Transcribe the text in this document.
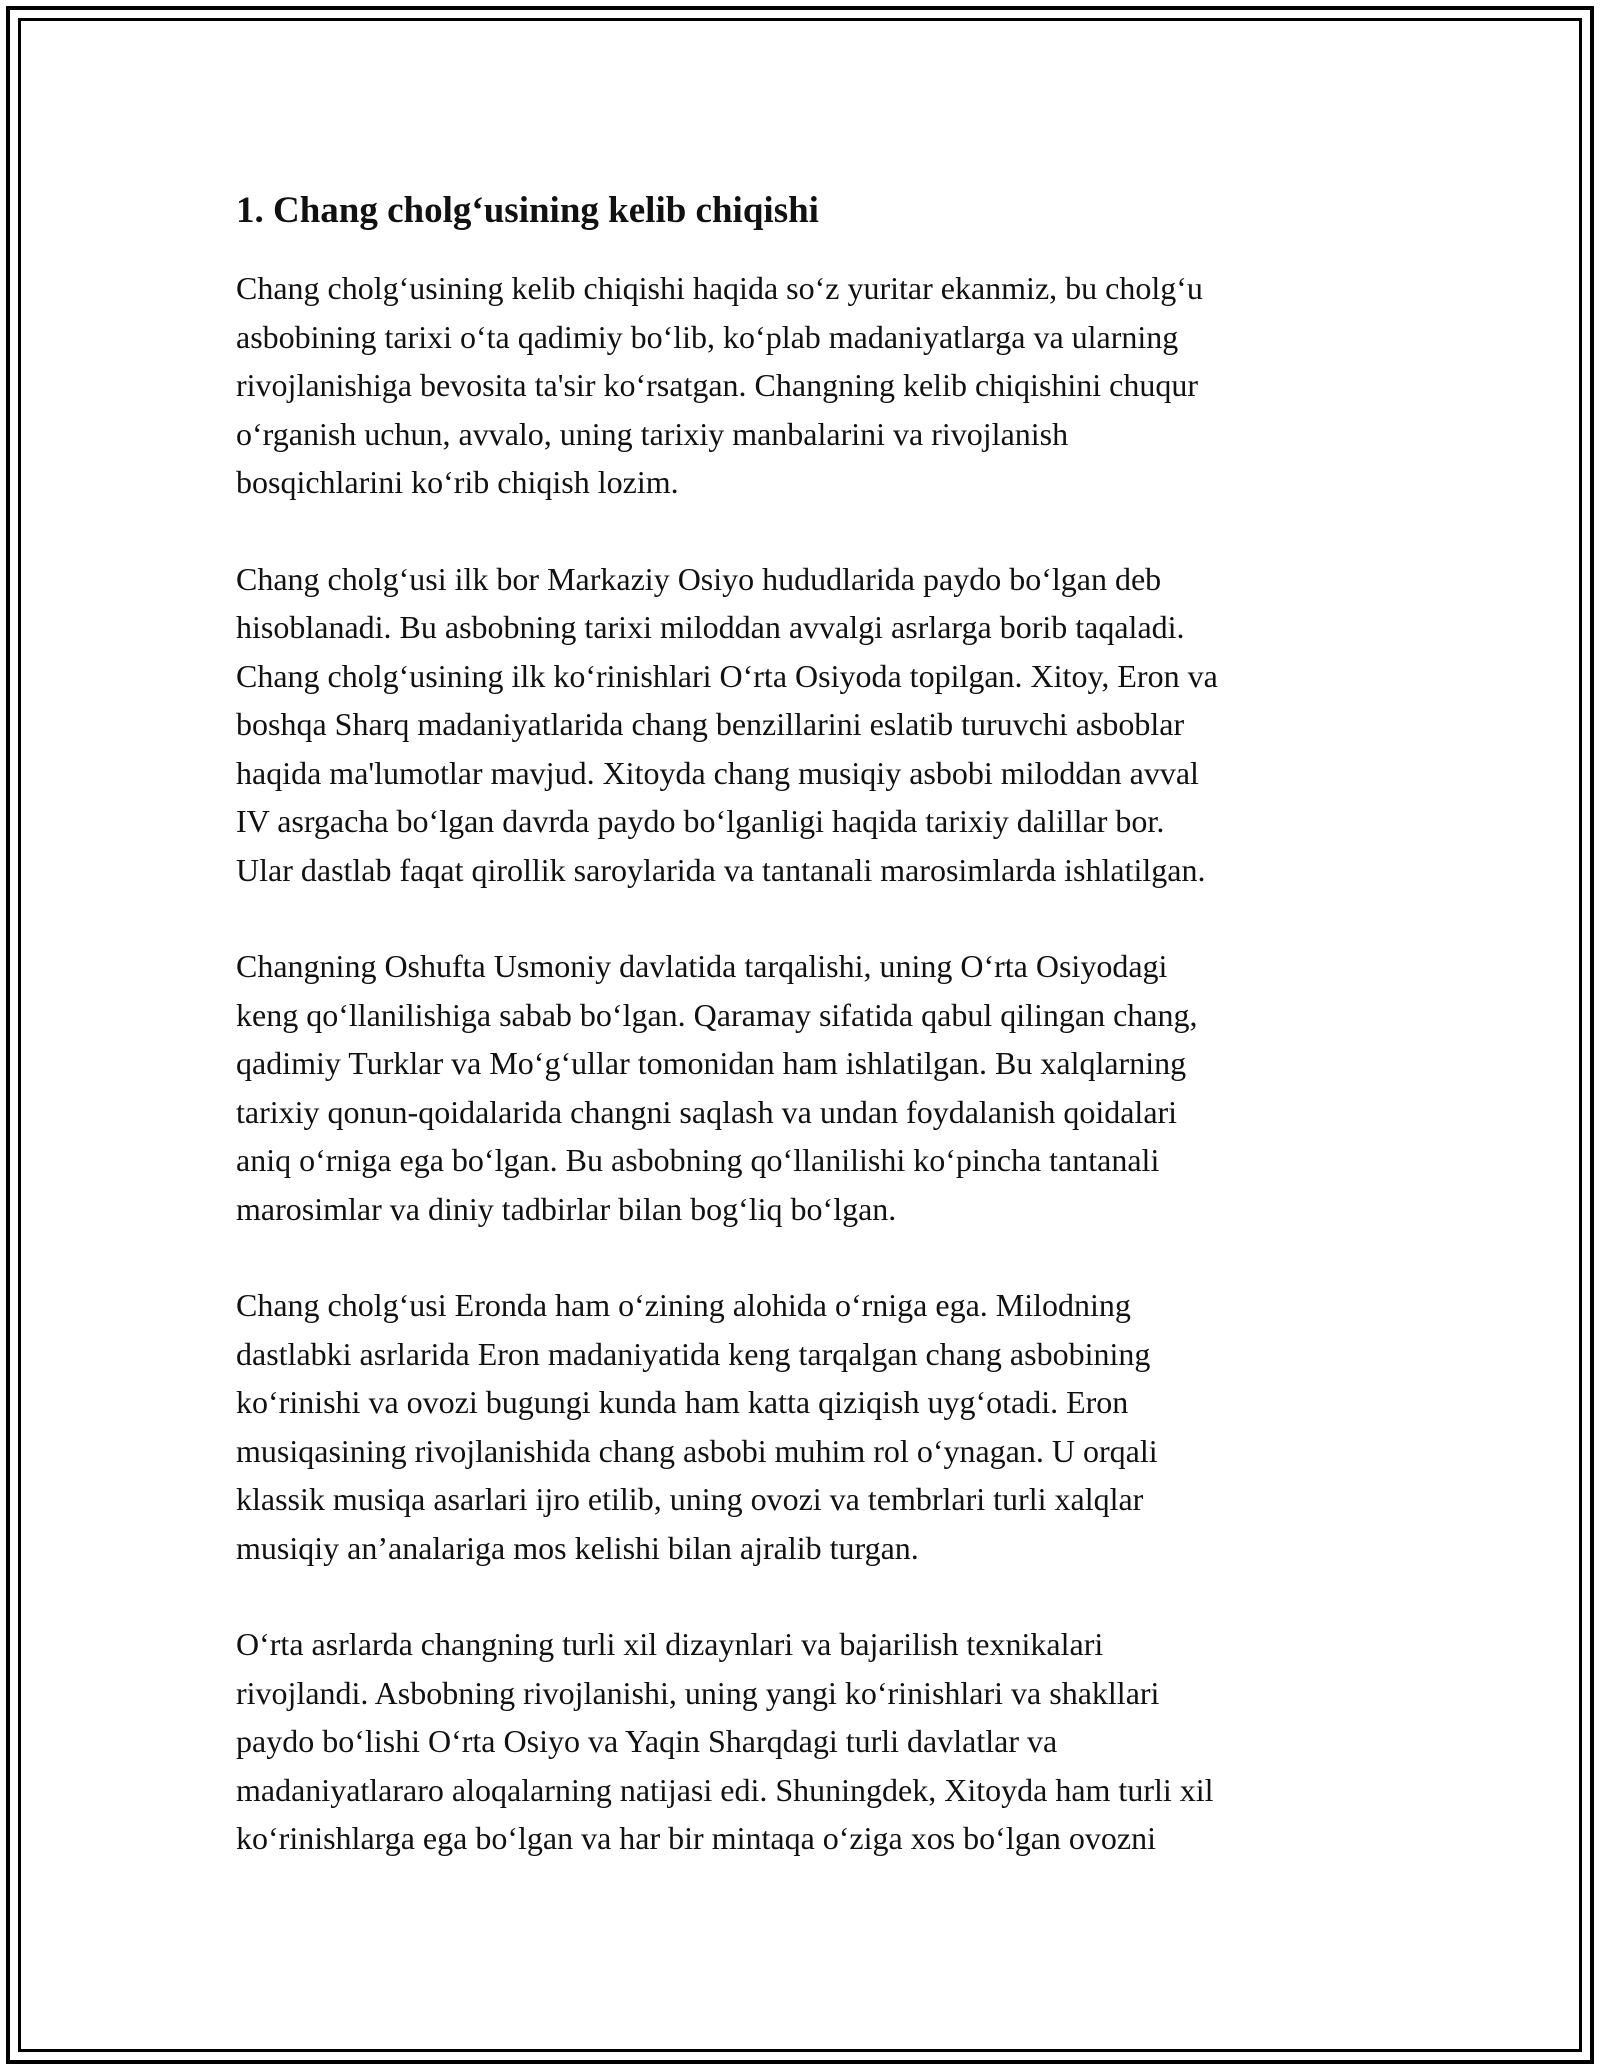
1. Chang cholg‘usining kelib chiqishi

Chang cholg‘usining kelib chiqishi haqida so‘z yuritar ekanmiz, bu cholg‘u
asbobining tarixi o‘ta qadimiy bo‘lib, ko‘plab madaniyatlarga va ularning
rivojlanishiga bevosita ta'sir ko‘rsatgan. Changning kelib chiqishini chuqur
o‘rganish uchun, avvalo, uning tarixiy manbalarini va rivojlanish
bosqichlarini ko‘rib chiqish lozim.

Chang cholg‘usi ilk bor Markaziy Osiyo hududlarida paydo bo‘lgan deb
hisoblanadi. Bu asbobning tarixi miloddan avvalgi asrlarga borib taqaladi.
Chang cholg‘usining ilk ko‘rinishlari O‘rta Osiyoda topilgan. Xitoy, Eron va
boshqa Sharq madaniyatlarida chang benzillarini eslatib turuvchi asboblar
haqida ma'lumotlar mavjud. Xitoyda chang musiqiy asbobi miloddan avval
IV asrgacha bo‘lgan davrda paydo bo‘lganligi haqida tarixiy dalillar bor.
Ular dastlab faqat qirollik saroylarida va tantanali marosimlarda ishlatilgan.

Changning Oshufta Usmoniy davlatida tarqalishi, uning O‘rta Osiyodagi
keng qo‘llanilishiga sabab bo‘lgan. Qaramay sifatida qabul qilingan chang,
qadimiy Turklar va Mo‘g‘ullar tomonidan ham ishlatilgan. Bu xalqlarning
tarixiy qonun-qoidalarida changni saqlash va undan foydalanish qoidalari
aniq o‘rniga ega bo‘lgan. Bu asbobning qo‘llanilishi ko‘pincha tantanali
marosimlar va diniy tadbirlar bilan bog‘liq bo‘lgan.

Chang cholg‘usi Eronda ham o‘zining alohida o‘rniga ega. Milodning
dastlabki asrlarida Eron madaniyatida keng tarqalgan chang asbobining
ko‘rinishi va ovozi bugungi kunda ham katta qiziqish uyg‘otadi. Eron
musiqasining rivojlanishida chang asbobi muhim rol o‘ynagan. U orqali
klassik musiqa asarlari ijro etilib, uning ovozi va tembrlari turli xalqlar
musiqiy an’analariga mos kelishi bilan ajralib turgan.

O‘rta asrlarda changning turli xil dizaynlari va bajarilish texnikalari
rivojlandi. Asbobning rivojlanishi, uning yangi ko‘rinishlari va shakllari
paydo bo‘lishi O‘rta Osiyo va Yaqin Sharqdagi turli davlatlar va
madaniyatlararo aloqalarning natijasi edi. Shuningdek, Xitoyda ham turli xil
ko‘rinishlarga ega bo‘lgan va har bir mintaqa o‘ziga xos bo‘lgan ovozni
